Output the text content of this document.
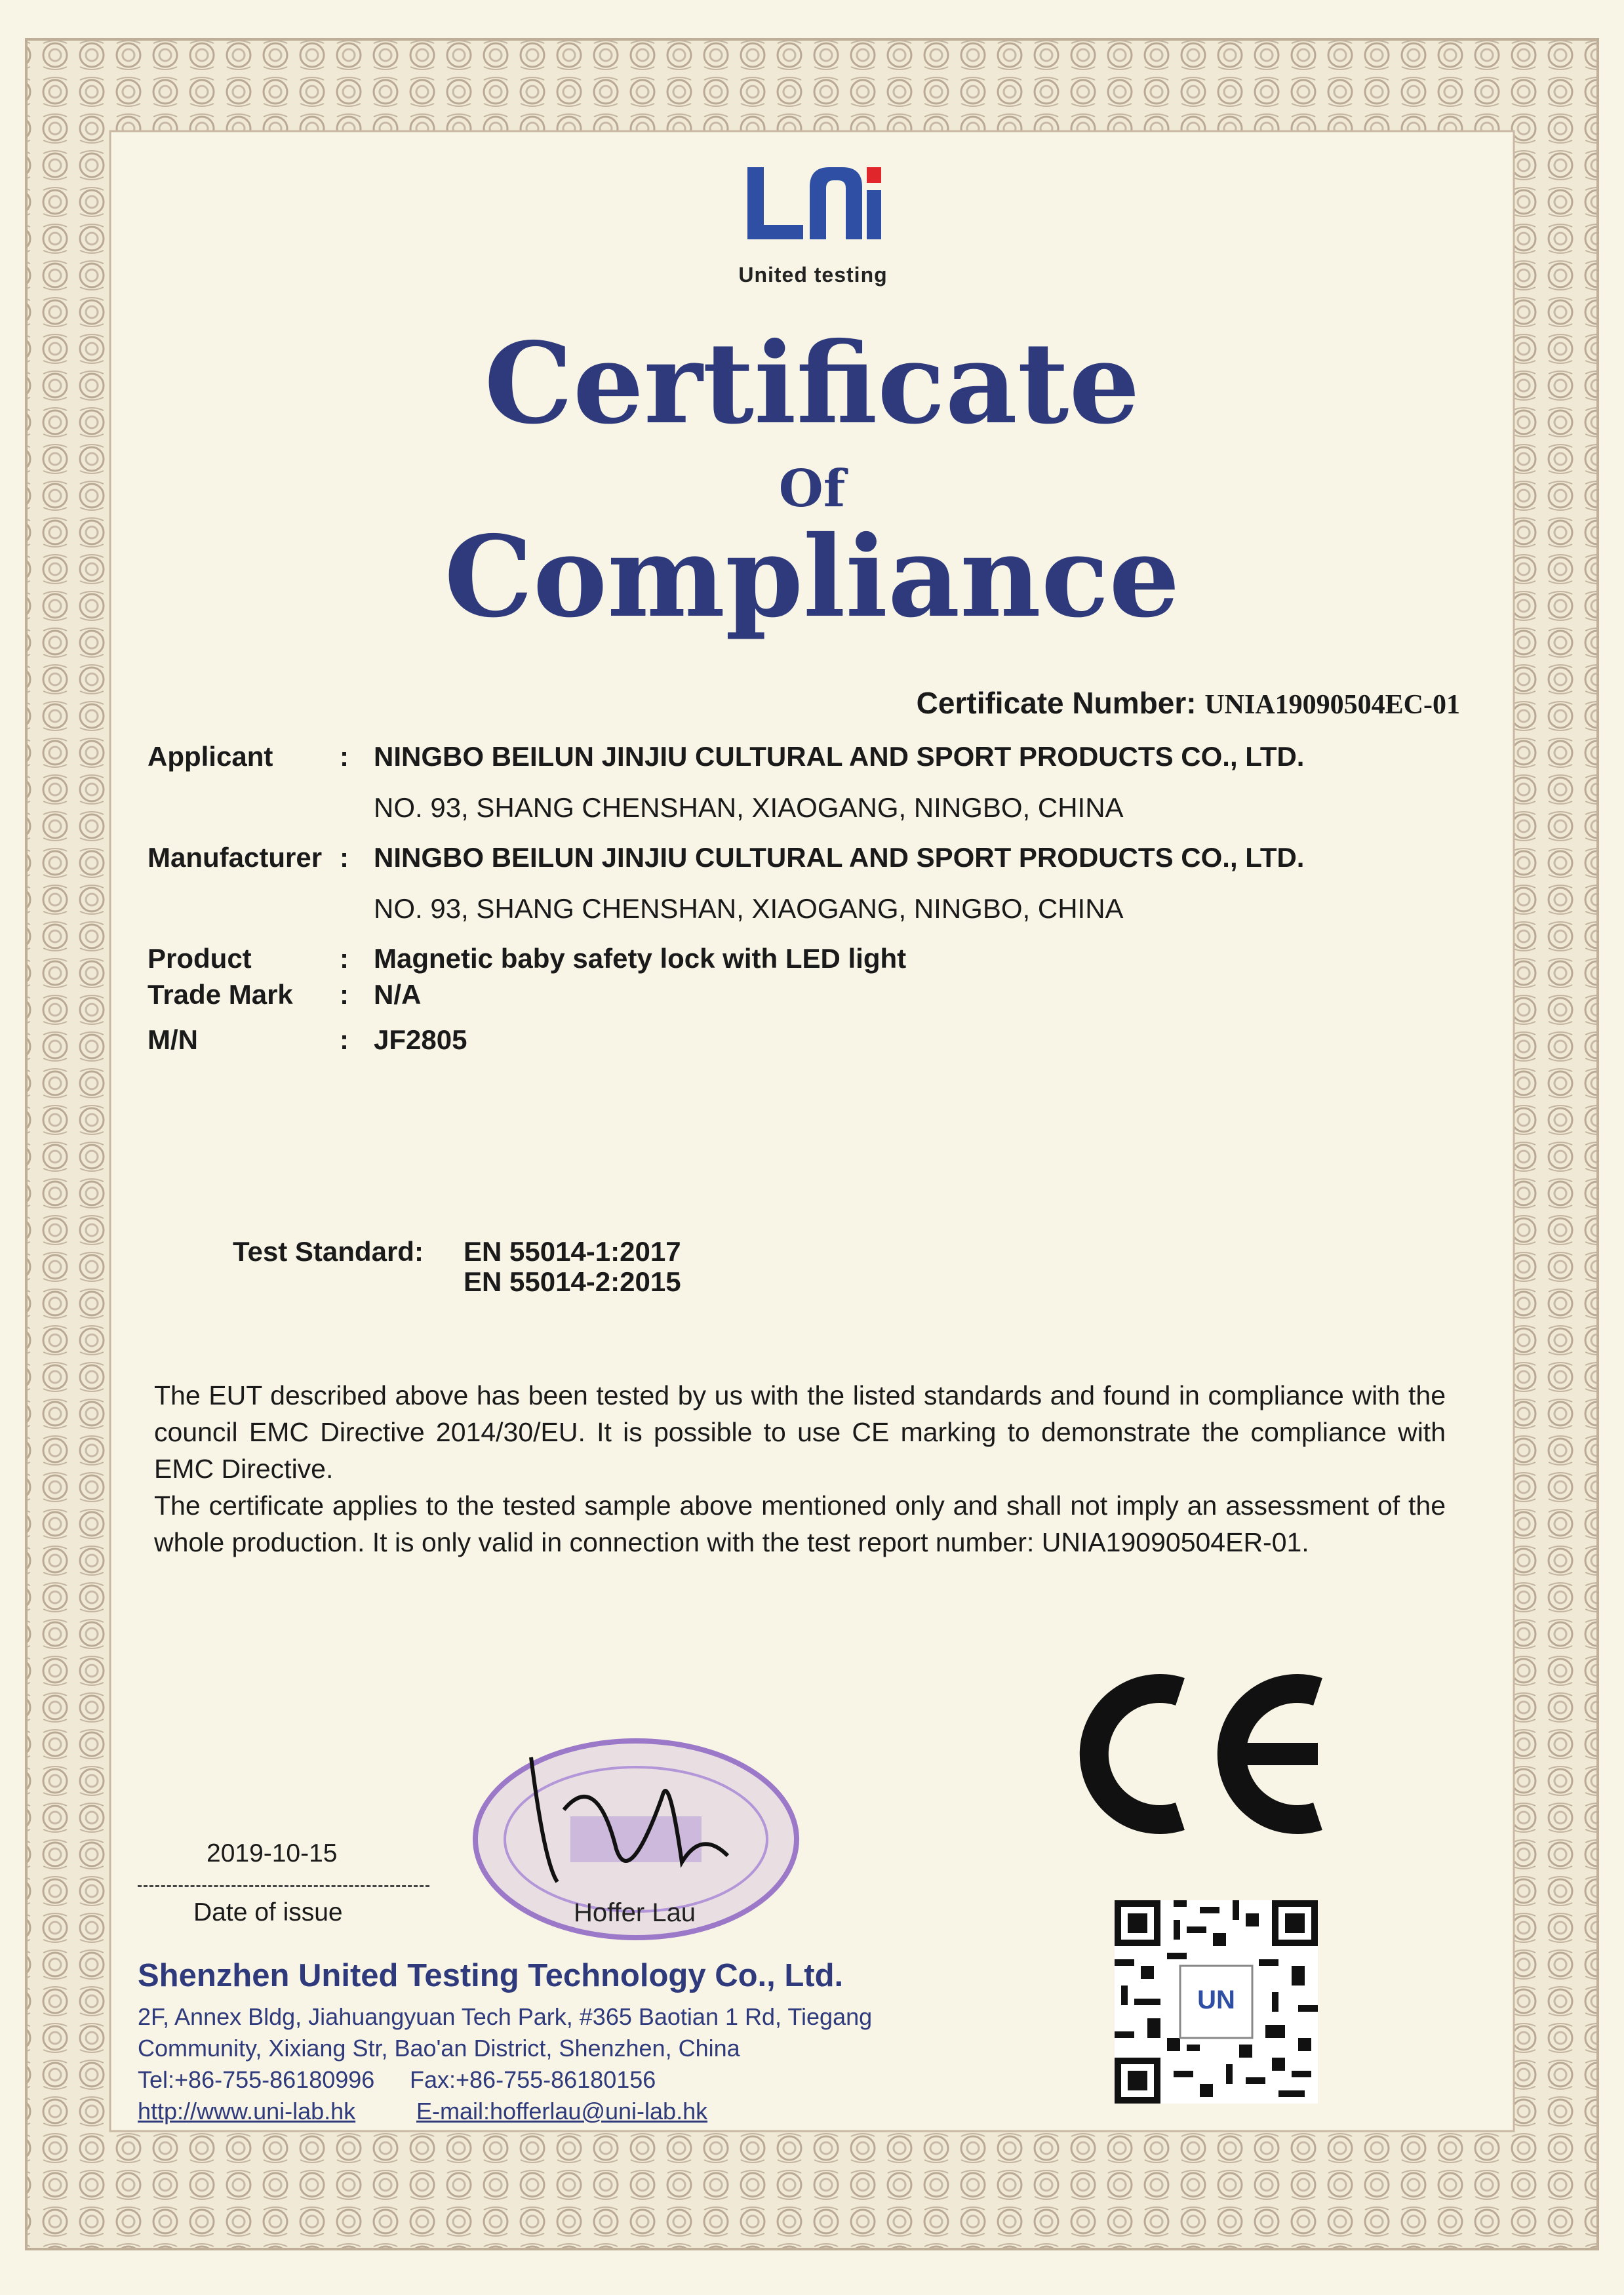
United testing
Certificate
Of
Compliance
Certificate Number: UNIA19090504EC-01
Applicant : NINGBO BEILUN JINJIU CULTURAL AND SPORT PRODUCTS CO., LTD.
NO. 93, SHANG CHENSHAN, XIAOGANG, NINGBO, CHINA
Manufacturer : NINGBO BEILUN JINJIU CULTURAL AND SPORT PRODUCTS CO., LTD.
NO. 93, SHANG CHENSHAN, XIAOGANG, NINGBO, CHINA
Product	: Magnetic baby safety lock with LED light
Trade Mark : N/A
M/N	: JF2805
Test Standard: EN 55014-1:2017
EN 55014-2:2015
The EUT described above has been tested by us with the listed standards and found in compliance with the council EMC Directive 2014/30/EU. It is possible to use CE marking to demonstrate the compliance with EMC Directive.
The certificate applies to the tested sample above mentioned only and shall not imply an assessment of the whole production. It is only valid in connection with the test report number: UNIA19090504ER-01.
Hoffer Lau
2019-10-15
Date of issue
Shenzhen United Testing Technology Co., Ltd.
2F, Annex Bldg, Jiahuangyuan Tech Park, #365 Baotian 1 Rd, Tiegang
Community, Xixiang Str, Bao'an District, Shenzhen, China
Tel:+86-755-86180996 Fax:+86-755-86180156
http://www.uni-lab.hk	E-mail:hofferlau@uni-lab.hk
UN
